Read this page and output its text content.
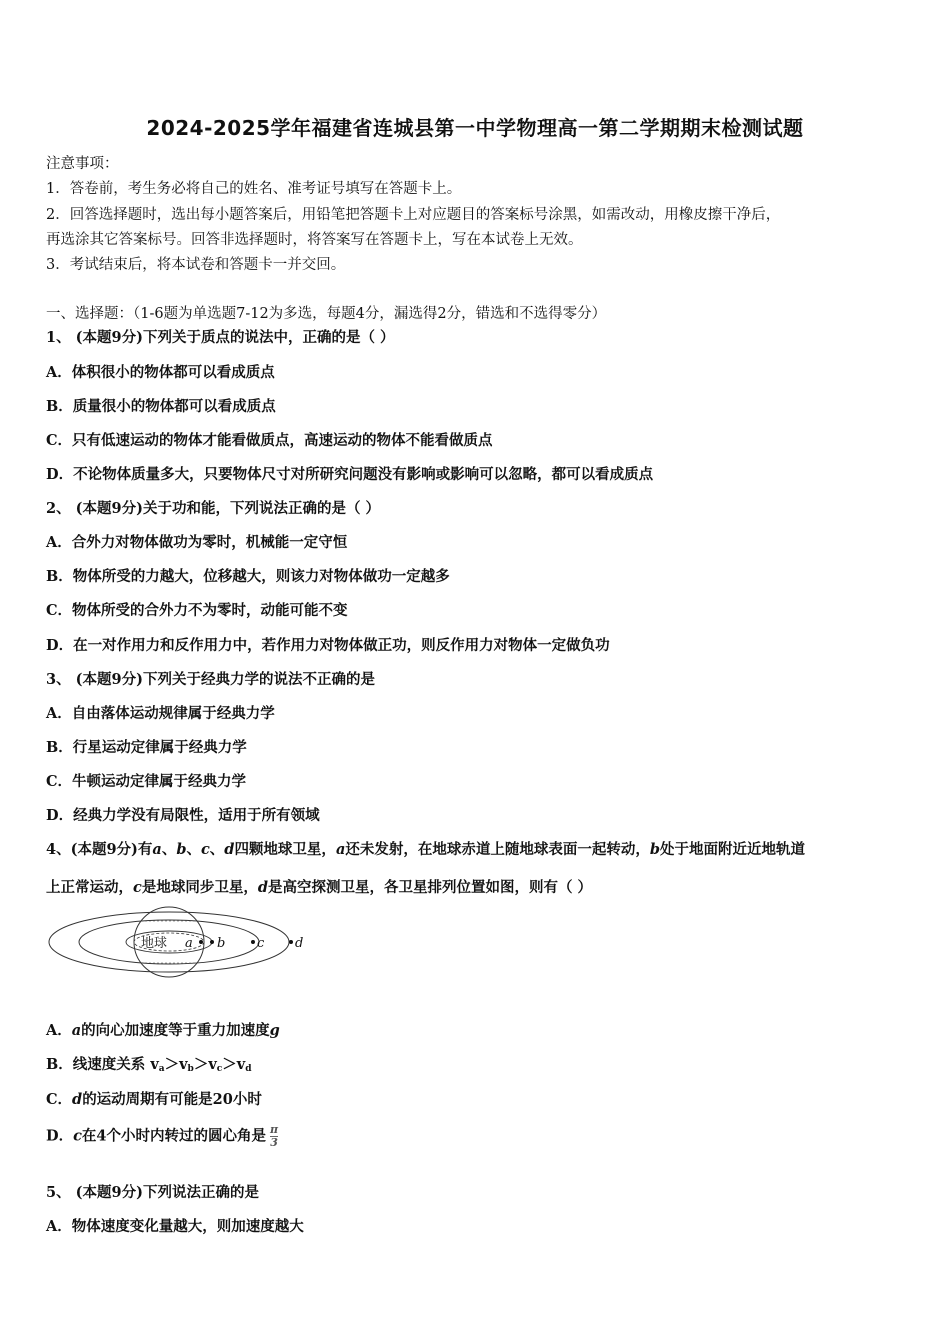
2024-2025学年福建省连城县第一中学物理高一第二学期期末检测试题
注意事项：
1．答卷前，考生务必将自己的姓名、准考证号填写在答题卡上。
2．回答选择题时，选出每小题答案后，用铅笔把答题卡上对应题目的答案标号涂黑，如需改动，用橡皮擦干净后，
再选涂其它答案标号。回答非选择题时，将答案写在答题卡上，写在本试卷上无效。
3．考试结束后，将本试卷和答题卡一并交回。
一、选择题：（1-6题为单选题7-12为多选，每题4分，漏选得2分，错选和不选得零分）
1、 (本题9分)下列关于质点的说法中，正确的是（ ）
A．体积很小的物体都可以看成质点
B．质量很小的物体都可以看成质点
C．只有低速运动的物体才能看做质点，高速运动的物体不能看做质点
D．不论物体质量多大，只要物体尺寸对所研究问题没有影响或影响可以忽略，都可以看成质点
2、 (本题9分)关于功和能，下列说法正确的是（ ）
A．合外力对物体做功为零时，机械能一定守恒
B．物体所受的力越大，位移越大，则该力对物体做功一定越多
C．物体所受的合外力不为零时，动能可能不变
D．在一对作用力和反作用力中，若作用力对物体做正功，则反作用力对物体一定做负功
3、 (本题9分)下列关于经典力学的说法不正确的是
A．自由落体运动规律属于经典力学
B．行星运动定律属于经典力学
C．牛顿运动定律属于经典力学
D．经典力学没有局限性，适用于所有领域
4、(本题9分)有a、b、c、d四颗地球卫星，a还未发射，在地球赤道上随地球表面一起转动，b处于地面附近近地轨道
上正常运动，c是地球同步卫星，d是高空探测卫星，各卫星排列位置如图，则有（ ）
地球 a b c d
A．a的向心加速度等于重力加速度g
B．线速度关系 $v_a>v_b>v_c>v_d$
C．d的运动周期有可能是20小时
D．c在4个小时内转过的圆心角是 $\frac{\pi}{3}$
5、 (本题9分)下列说法正确的是
A．物体速度变化量越大，则加速度越大
